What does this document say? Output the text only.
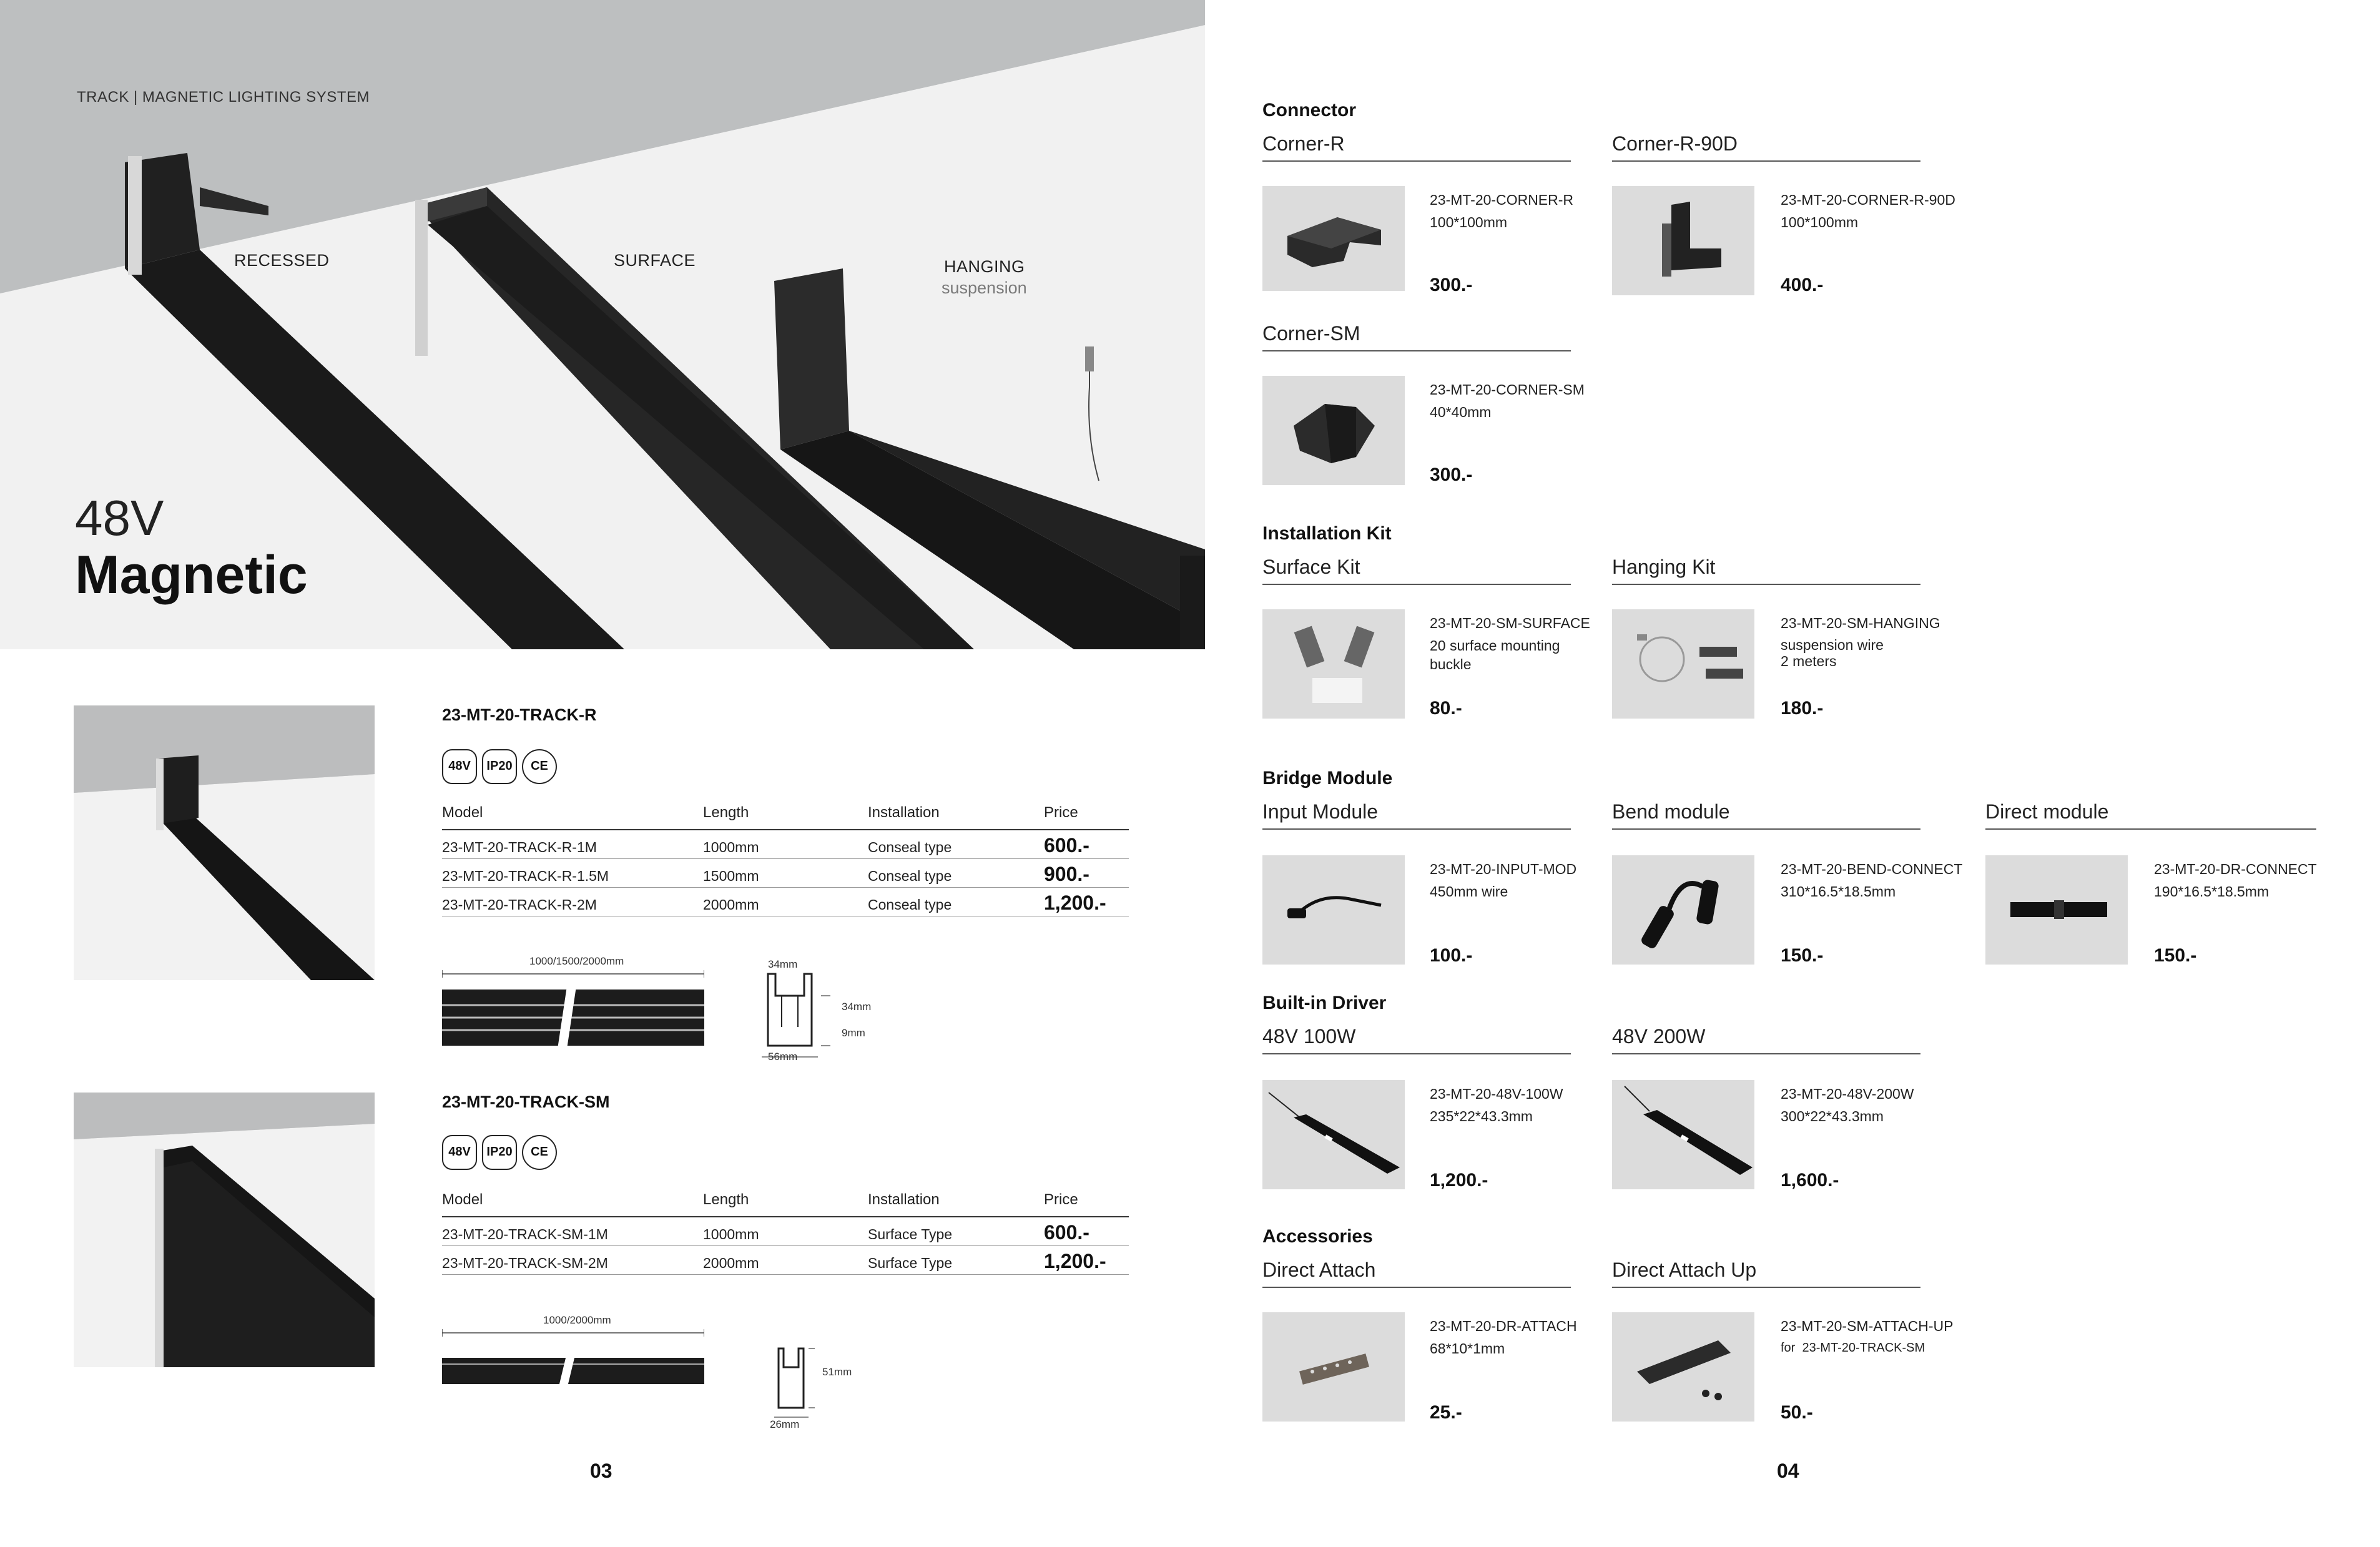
TRACK | MAGNETIC LIGHTING SYSTEM
RECESSED	SURFACE	HANGING
suspension
48V
Magnetic
23-MT-20-TRACK-R
48V IP20 CE
Model	Length	Installation	Price
23-MT-20-TRACK-R-1M	1000mm	Conseal type	600.-
23-MT-20-TRACK-R-1.5M	1500mm	Conseal type	900.-
23-MT-20-TRACK-R-2M	2000mm	Conseal type	1,200.-
1000/1500/2000mm	34mm
34mm
9mm
56mm
23-MT-20-TRACK-SM
48V IP20 CE
Model	Length	Installation	Price
23-MT-20-TRACK-SM-1M	1000mm	Surface Type	600.-
23-MT-20-TRACK-SM-2M	2000mm	Surface Type	1,200.-
1000/2000mm
51mm
26mm
03
Connector
Corner-R	Corner-R-90D
23-MT-20-CORNER-R
100*100mm
300.-
23-MT-20-CORNER-R-90D
100*100mm
400.-
Corner-SM
23-MT-20-CORNER-SM
40*40mm
300.-
Installation Kit
Surface Kit	Hanging Kit
23-MT-20-SM-SURFACE
20 surface mounting buckle
80.-
23-MT-20-SM-HANGING
suspension wire
2 meters
180.-
Bridge Module
Input Module	Bend module	Direct module
23-MT-20-INPUT-MOD
450mm wire
100.-
23-MT-20-BEND-CONNECT
310*16.5*18.5mm
150.-
23-MT-20-DR-CONNECT
190*16.5*18.5mm
150.-
Built-in Driver
48V 100W	48V 200W
23-MT-20-48V-100W
235*22*43.3mm
1,200.-
23-MT-20-48V-200W
300*22*43.3mm
1,600.-
Accessories
Direct Attach	Direct Attach Up
23-MT-20-DR-ATTACH
68*10*1mm
25.-
23-MT-20-SM-ATTACH-UP
for  23-MT-20-TRACK-SM
50.-
04
